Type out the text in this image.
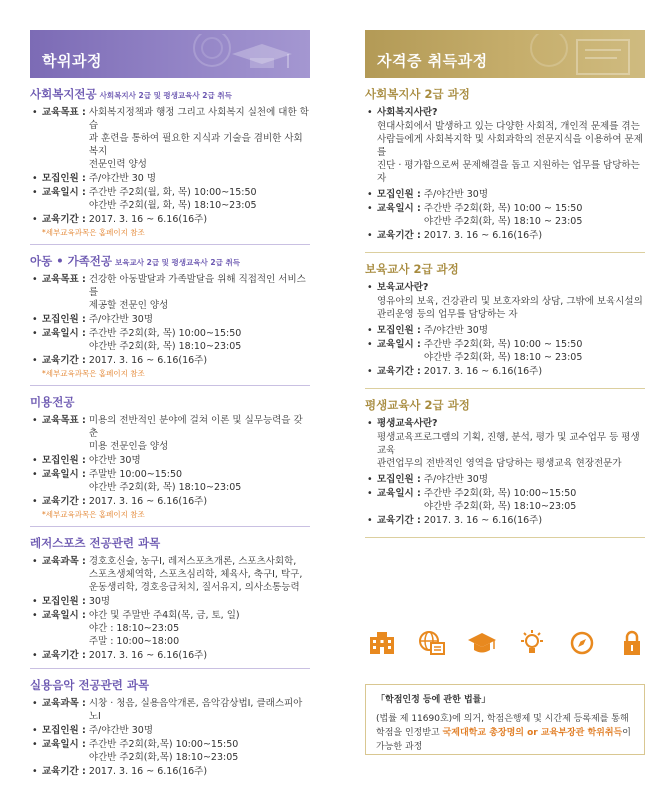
학위과정
사회복지전공 사회복지사 2급 및 평생교육사 2급 취득
• 교육목표 : 사회복지정책과 행정 그리고 사회복지 실천에 대한 학습
과 훈련을 통하여 필요한 지식과 기술을 겸비한 사회복지
전문인력 양성
• 모집인원 : 주/야간반 30 명
• 교육일시 : 주간반 주2회(월, 화, 목) 10:00~15:50
야간반 주2회(월, 화, 목) 18:10~23:05
• 교육기간 : 2017. 3. 16 ~ 6.16(16주)
*세부교육과목은 홈페이지 참조
아동 • 가족전공 보육교사 2급 및 평생교육사 2급 취득
• 교육목표 : 건강한 아동발달과 가족발달을 위해 직접적인 서비스를
제공할 전문인 양성
• 모집인원 : 주/야간반 30명
• 교육일시 : 주간반 주2회(화, 목) 10:00~15:50
야간반 주2회(화, 목) 18:10~23:05
• 교육기간 : 2017. 3. 16 ~ 6.16(16주)
*세부교육과목은 홈페이지 참조
미용전공
• 교육목표 : 미용의 전반적인 분야에 걸쳐 이론 및 실무능력을 갖춘
미용 전문인을 양성
• 모집인원 : 야간반 30명
• 교육일시 : 주말반 10:00~15:50
야간반 주2회(화, 목) 18:10~23:05
• 교육기간 : 2017. 3. 16 ~ 6.16(16주)
*세부교육과목은 홈페이지 참조
레저스포츠 전공관련 과목
• 교육과목 : 경호호신술, 농구Ⅰ, 레저스포츠개론, 스포츠사회학,
스포츠생체역학, 스포츠심리학, 체육사, 축구Ⅰ, 탁구,
운동생리학, 경호응급처치, 질서유지, 의사소통능력
• 모집인원 : 30명
• 교육일시 : 야간 및 주말반 주4회(목, 금, 토, 일)
야간 : 18:10~23:05
주말 : 10:00~18:00
• 교육기간 : 2017. 3. 16 ~ 6.16(16주)
실용음악 전공관련 과목
• 교육과목 : 시창 · 청음, 실용음악개론, 음악감상법Ⅰ, 클래스피아노Ⅰ
• 모집인원 : 주/야간반 30명
• 교육일시 : 주간반 주2회(화,목) 10:00~15:50
야간반 주2회(화,목) 18:10~23:05
• 교육기간 : 2017. 3. 16 ~ 6.16(16주)
자격증 취득과정
사회복지사 2급 과정
• 사회복지사란?
현대사회에서 발생하고 있는 다양한 사회적, 개인적 문제를 겪는
사람들에게 사회복지학 및 사회과학의 전문지식을 이용하여 문제를
진단 · 평가함으로써 문제해결을 돕고 지원하는 업무를 담당하는 자
• 모집인원 : 주/야간반 30명
• 교육일시 : 주간반 주2회(화, 목) 10:00 ~ 15:50
야간반 주2회(화, 목) 18:10 ~ 23:05
• 교육기간 : 2017. 3. 16 ~ 6.16(16주)
보육교사 2급 과정
• 보육교사란?
영유아의 보육, 건강관리 및 보호자와의 상담, 그밖에 보육시설의
관리운영 등의 업무를 담당하는 자
• 모집인원 : 주/야간반 30명
• 교육일시 : 주간반 주2회(화, 목) 10:00 ~ 15:50
야간반 주2회(화, 목) 18:10 ~ 23:05
• 교육기간 : 2017. 3. 16 ~ 6.16(16주)
평생교육사 2급 과정
• 평생교육사란?
평생교육프로그램의 기획, 진행, 분석, 평가 및 교수업무 등 평생교육
관련업무의 전반적인 영역을 담당하는 평생교육 현장전문가
• 모집인원 : 주/야간반 30명
• 교육일시 : 주간반 주2회(화, 목) 10:00~15:50
야간반 주2회(화, 목) 18:10~23:05
• 교육기간 : 2017. 3. 16 ~ 6.16(16주)
「학점인정 등에 관한 법률」
(법률 제 11690호)에 의거, 학점은행제 및 시간제 등록제를 통해
학점을 인정받고 국제대학교 총장명의 or 교육부장관 학위취득이
가능한 과정
